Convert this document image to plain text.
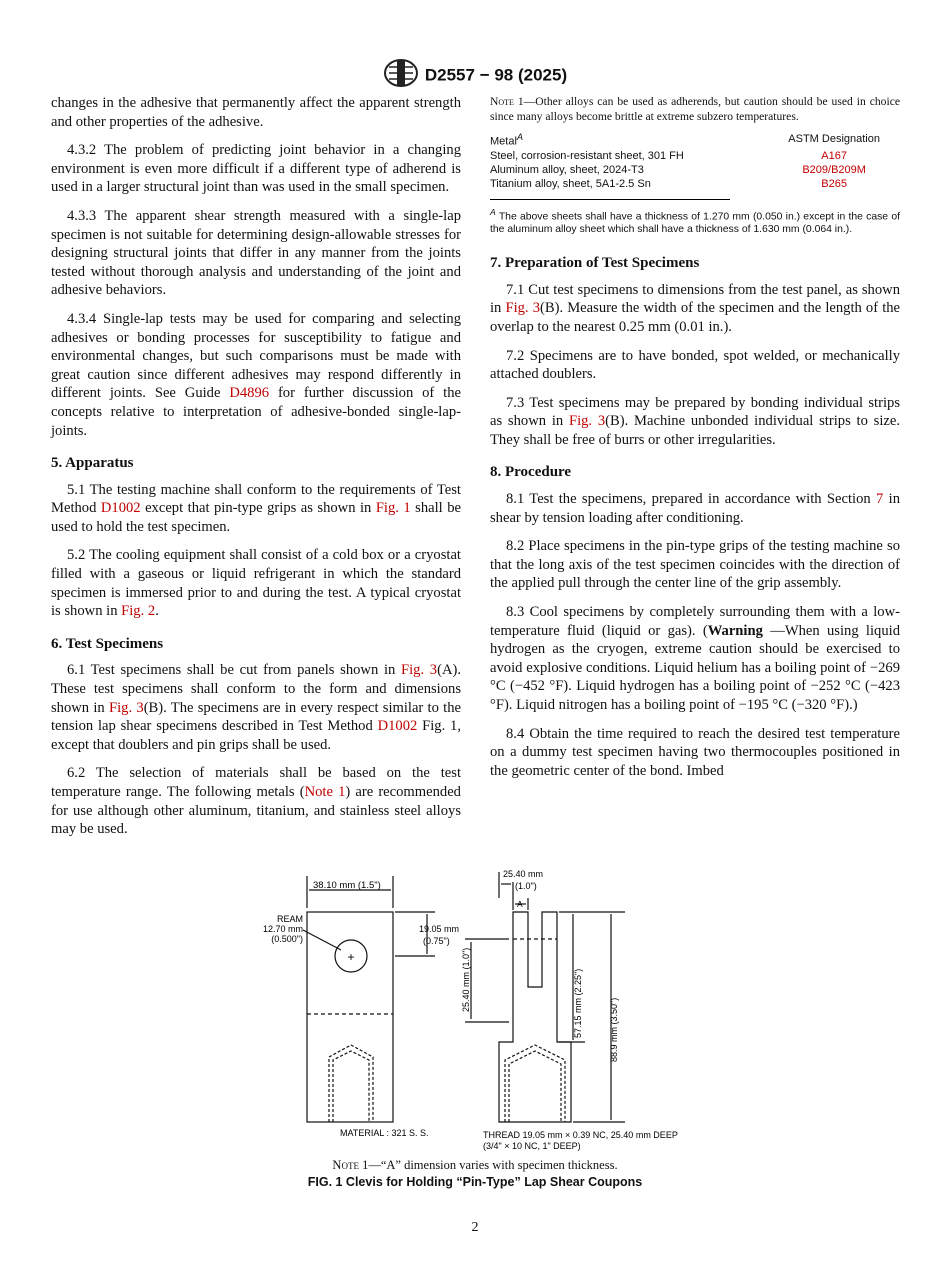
D2557 − 98 (2025)

changes in the adhesive that permanently affect the apparent strength and other properties of the adhesive.

4.3.2 The problem of predicting joint behavior in a changing environment is even more difficult if a different type of adherend is used in a larger structural joint than was used in the small specimen.

4.3.3 The apparent shear strength measured with a single-lap specimen is not suitable for determining design-allowable stresses for designing structural joints that differ in any manner from the joints tested without thorough analysis and understanding of the joint and adhesive behaviors.

4.3.4 Single-lap tests may be used for comparing and selecting adhesives or bonding processes for susceptibility to fatigue and environmental changes, but such comparisons must be made with great caution since different adhesives may respond differently in different joints. See Guide D4896 for further discussion of the concepts relative to interpretation of adhesive-bonded single-lap-joints.

5. Apparatus

5.1 The testing machine shall conform to the requirements of Test Method D1002 except that pin-type grips as shown in Fig. 1 shall be used to hold the test specimen.

5.2 The cooling equipment shall consist of a cold box or a cryostat filled with a gaseous or liquid refrigerant in which the standard specimen is immersed prior to and during the test. A typical cryostat is shown in Fig. 2.

6. Test Specimens

6.1 Test specimens shall be cut from panels shown in Fig. 3(A). These test specimens shall conform to the form and dimensions shown in Fig. 3(B). The specimens are in every respect similar to the tension lap shear specimens described in Test Method D1002 Fig. 1, except that doublers and pin grips shall be used.

6.2 The selection of materials shall be based on the test temperature range. The following metals (Note 1) are recommended for use although other aluminum, titanium, and stainless steel alloys may be used.

Note 1—Other alloys can be used as adherends, but caution should be used in choice since many alloys become brittle at extreme subzero temperatures.
Metal$^A$	ASTM Designation
Steel, corrosion-resistant sheet, 301 FH	A167
Aluminum alloy, sheet, 2024-T3	B209/B209M
Titanium alloy, sheet, 5A1-2.5 Sn	B265
$^A$ The above sheets shall have a thickness of 1.270 mm (0.050 in.) except in the case of the aluminum alloy sheet which shall have a thickness of 1.630 mm (0.064 in.).
7. Preparation of Test Specimens

7.1 Cut test specimens to dimensions from the test panel, as shown in Fig. 3(B). Measure the width of the specimen and the length of the overlap to the nearest 0.25 mm (0.01 in.).

7.2 Specimens are to have bonded, spot welded, or mechanically attached doublers.

7.3 Test specimens may be prepared by bonding individual strips as shown in Fig. 3(B). Machine unbonded individual strips to size. They shall be free of burrs or other irregularities.

8. Procedure

8.1 Test the specimens, prepared in accordance with Section 7 in shear by tension loading after conditioning.

8.2 Place specimens in the pin-type grips of the testing machine so that the long axis of the test specimen coincides with the direction of the applied pull through the center line of the grip assembly.

8.3 Cool specimens by completely surrounding them with a low-temperature fluid (liquid or gas). (Warning —When using liquid hydrogen as the cryogen, extreme caution should be exercised to avoid explosive conditions. Liquid helium has a boiling point of −269 °C (−452 °F). Liquid hydrogen has a boiling point of −252 °C (−423 °F). Liquid nitrogen has a boiling point of −195 °C (−320 °F).)

8.4 Obtain the time required to reach the desired test temperature on a dummy test specimen having two thermocouples positioned in the geometric center of the bond. Imbed

+
38.10 mm (1.5")
REAM
12.70 mm
(0.500")
19.05 mm
(0.75")
25.40 mm
(1.0")
A
25.40 mm (1.0")	57.15 mm (2.25")	88.9 mm (3.50")
MATERIAL : 321 S. S.	THREAD 19.05 mm × 0.39 NC, 25.40 mm DEEP
(3/4" × 10 NC, 1" DEEP)
Note 1—“A” dimension varies with specimen thickness.
FIG. 1 Clevis for Holding “Pin-Type” Lap Shear Coupons
2
